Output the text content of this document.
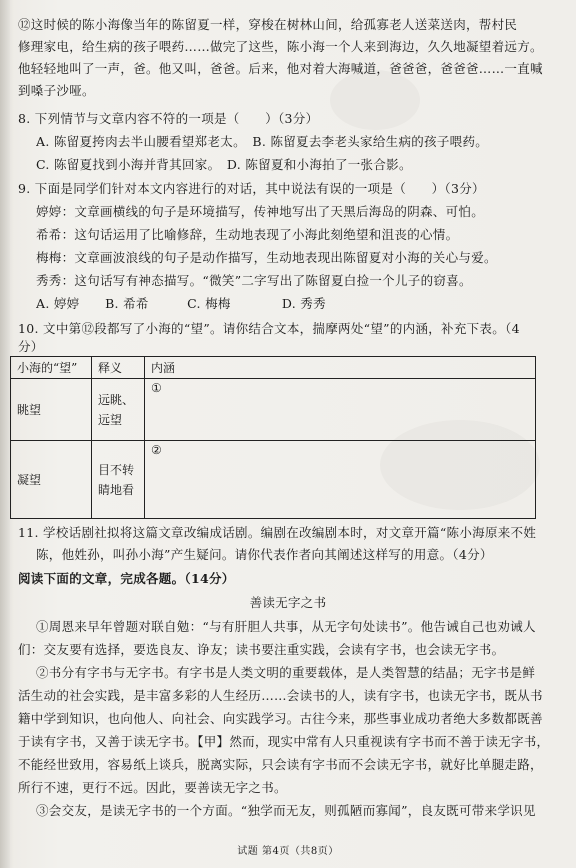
⑫这时候的陈小海像当年的陈留夏一样，穿梭在树林山间，给孤寡老人送菜送肉，帮村民
修理家电，给生病的孩子喂药……做完了这些，陈小海一个人来到海边，久久地凝望着远方。
他轻轻地叫了一声，爸。他又叫，爸爸。后来，他对着大海喊道，爸爸爸，爸爸爸……一直喊
到嗓子沙哑。
8. 下列情节与文章内容不符的一项是（　　）（3分）
A. 陈留夏挎肉去半山腰看望郑老太。　B. 陈留夏去李老头家给生病的孩子喂药。
C. 陈留夏找到小海并背其回家。　D. 陈留夏和小海拍了一张合影。
9. 下面是同学们针对本文内容进行的对话，其中说法有误的一项是（　　）（3分）
婷婷：文章画横线的句子是环境描写，传神地写出了天黑后海岛的阴森、可怕。
希希：这句话运用了比喻修辞，生动地表现了小海此刻绝望和沮丧的心情。
梅梅：文章画波浪线的句子是动作描写，生动地表现出陈留夏对小海的关心与爱。
秀秀：这句话写有神态描写。“微笑”二字写出了陈留夏白捡一个儿子的窃喜。
A. 婷婷　　B. 希希　　　C. 梅梅　　　　D. 秀秀
10. 文中第⑫段都写了小海的“望”。请你结合文本，揣摩两处“望”的内涵，补充下表。（4
分）
小海的“望”	释义	内涵
眺望	远眺、远望	①
凝望	目不转睛地看	②
11. 学校话剧社拟将这篇文章改编成话剧。编剧在改编剧本时，对文章开篇“陈小海原来不姓
陈，他姓孙，叫孙小海”产生疑问。请你代表作者向其阐述这样写的用意。（4分）
阅读下面的文章，完成各题。（14分）
善读无字之书
①周恩来早年曾题对联自勉：“与有肝胆人共事，从无字句处读书”。他告诫自己也劝诫人
们：交友要有选择，要选良友、诤友；读书要注重实践，会读有字书，也会读无字书。
②书分有字书与无字书。有字书是人类文明的重要载体，是人类智慧的结晶；无字书是鲜
活生动的社会实践，是丰富多彩的人生经历……会读书的人，读有字书，也读无字书，既从书
籍中学到知识，也向他人、向社会、向实践学习。古往今来，那些事业成功者绝大多数都既善
于读有字书，又善于读无字书。【甲】然而，现实中常有人只重视读有字书而不善于读无字书，
不能经世致用，容易纸上谈兵，脱离实际，只会读有字书而不会读无字书，就好比单腿走路，
所行不速，更行不远。因此，要善读无字之书。
③会交友，是读无字书的一个方面。“独学而无友，则孤陋而寡闻”，良友既可带来学识见
试题 第4页（共8页）
